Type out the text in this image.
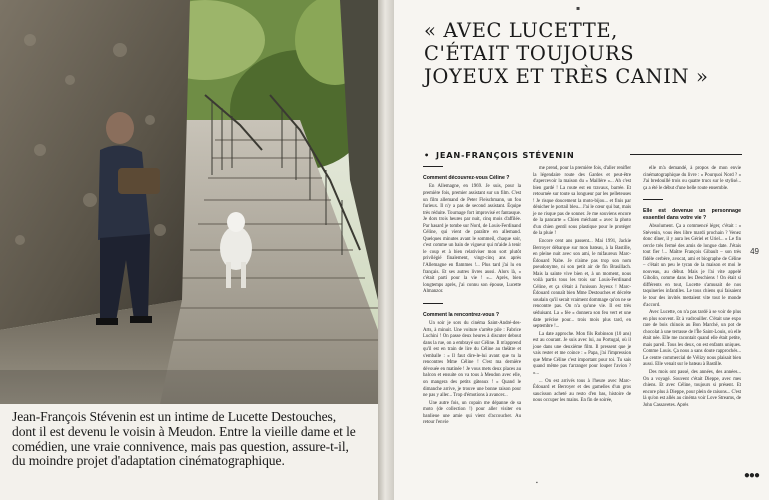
Jean-François Stévenin est un intime de Lucette Destouches, dont il est devenu le voisin à Meudon. Entre la vieille dame et le comédien, une vraie connivence, mais pas question, assure-t-il, du moindre projet d'adaptation cinématographique.

▪
« AVEC LUCETTE,
C'ÉTAIT TOUJOURS
JOYEUX ET TRÈS CANIN »
• JEAN-FRANÇOIS STÉVENIN

Comment découvrez-vous Céline ?

En Allemagne, en 1969. Je suis, pour la première fois, premier assistant sur un film. C'est un film allemand de Peter Fleischmann, un fou furieux. Il n'y a pas de second assistant. Équipe très réduite. Tournage fort improvisé et fantasque. Je dors trois heures par nuit, cinq mois d'affilée. Par hasard je tombe sur Nord, de Louis-Ferdinand Céline, qui vient de paraître en allemand. Quelques minutes avant le sommeil, chaque soir, c'est comme un bain de vigueur qui m'aide à tenir le coup et à bien relativiser mon sort plutôt privilégié finalement, vingt-cinq ans après l'Allemagne en flammes !... Plus tard j'ai lu en français. Et ses autres livres aussi. Alors là, « c'était parti pour la vie ! »... Après, bien longtemps après, j'ai connu son épouse, Lucette Almanzor.

Comment la rencontrez-vous ?

Un soir je sors du cinéma Saint-André-des-Arts, à minuit. Une voiture s'arrête pile : Fabrice Luchini ! On passe deux heures à discuter debout dans la rue, on a embrayé sur Céline. Il m'apprend qu'il est en train de lire du Céline au théâtre et s'emballe : « Il faut dire-le-lui avant que tu la rencontres Mme Céline ! C'est ma dernière dévouée en matinée ! Je vous mets deux places au balcon et ensuite on va tous à Meudon avec elle, on mangera des petits gâteaux ! » Quand le dimanche arrive, je trouve une bonne raison pour ne pas y aller... Trop d'émotions à avancer...

Une autre fois, un copain me dépanne de sa moto (de collection !) pour aller visiter en banlieue une amie qui vient d'accoucher. Au retour l'envie

me prend, pour la première fois, d'aller renifler la légendaire route des Gardes et peut-être d'apercevoir la maison du « Maillère »... Ah c'est bien gardé ! La route est en travaux, barrée. Et retournée sur toute sa longueur par les pelleteuses ! Je risque doucement la moto-bijou... et finis par dénicher le portail bleu... J'ai le cœur qui bat, mais je ne risque pas de sonner. Je me souviens encore de la pancarte « Chien méchant » avec la photo d'un chien gentil sous plastique pour le protéger de la pluie !

Encore cent ans passent... Mai 1991, Jackie Berroyer débarque sur mon bateau, à la Bastille, en pleine nuit avec son ami, le mifaureux Marc-Édouard Nabe. Je n'aime pas trop son nom pseudonyme, ni son petit air de fin Brasillach. Mais la sainte vive bien et, à un moment, nous voilà partis tous les trois sur Louis-Ferdinand Céline, et ça s'était à l'unisson Joyeux ! Marc-Édouard connaît bien Mme Destouches et décrète soudain qu'il serait vraiment dommage qu'on ne se rencontre pas. On n'a qu'une vie. Il est très séduisant. La « fée » donnera son feu vert et une date précise pour... trois mois plus tard, en septembre !...

La date approche. Mon fils Robinson (10 ans) est au courant. Je suis avec lui, au Portugal, où il joue dans une deuxième film. Il pressent que je vais rester et me coince : « Papa, j'ai l'impression que Mme Céline c'est important pour toi. Tu sais quand même pas t'arranger pour louper l'avion ? »...

... On est arrivés tous à l'heure avec Marc-Édouard et Berroyer et des gamelles d'un gros saucisson acheté au resto d'en bas, histoire de nous occuper les mains. En fin de soirée,

elle m'a demandé, à propos de mon envie cinématographique du livre : « Pourquoi Nord ? » J'ai bredouillé trois ou quatre trucs sur le stylisé... ça a été le début d'une belle route ensemble.

Elle est devenue un personnage essentiel dans votre vie ?

Absolument. Ça a commencé léger, c'était : « Stévenin, vous êtes libre mardi prochain ? Venez donc dîner, il y aura les Gériel et Uriel... » Le fin cercle très fermé des amis de longue date. J'étais tout fier !... Maître François Gibault – son très fidèle cerbère, avocat, ami et biographe de Céline – c'était un peu le tyran de la maison et moi le nouveau, au début. Mais je l'ai vite appelé Gibolin, comme dans les Deschiens ! On était si différents en tout, Lucette s'amusait de nos taquineries infantiles. Le tous chiens qui faisaient le tour des invités mettaient vite tout le monde d'accord.

Avec Lucette, on n'a pas tardé à se voir de plus en plus souvent. Et à vadrouiller. C'était une expo rare de bois chinois au Bon Marché, un pot de chocolat à une terrasse de l'Île Saint-Louis, où elle était née. Elle me racontait quand elle était petite, mais pareil. Tous les deux, on est enfants uniques. Comme Louis. Ça nous a sans doute rapprochés... Le centre commercial de Vélizy nous plaisait bien aussi. Elle venait sur le bateau à Bastille.

Des mois ont passé, des années, des années... On a voyagé. Souvent c'était Dieppe, avec mes chiens. Et avec Céline, toujours si présent. Et encore plus à Dieppe, pour plein de raisons... C'est là qu'on est allés au cinéma voir Love Streams, de John Cassavetes. Après

49
●●●
▪
